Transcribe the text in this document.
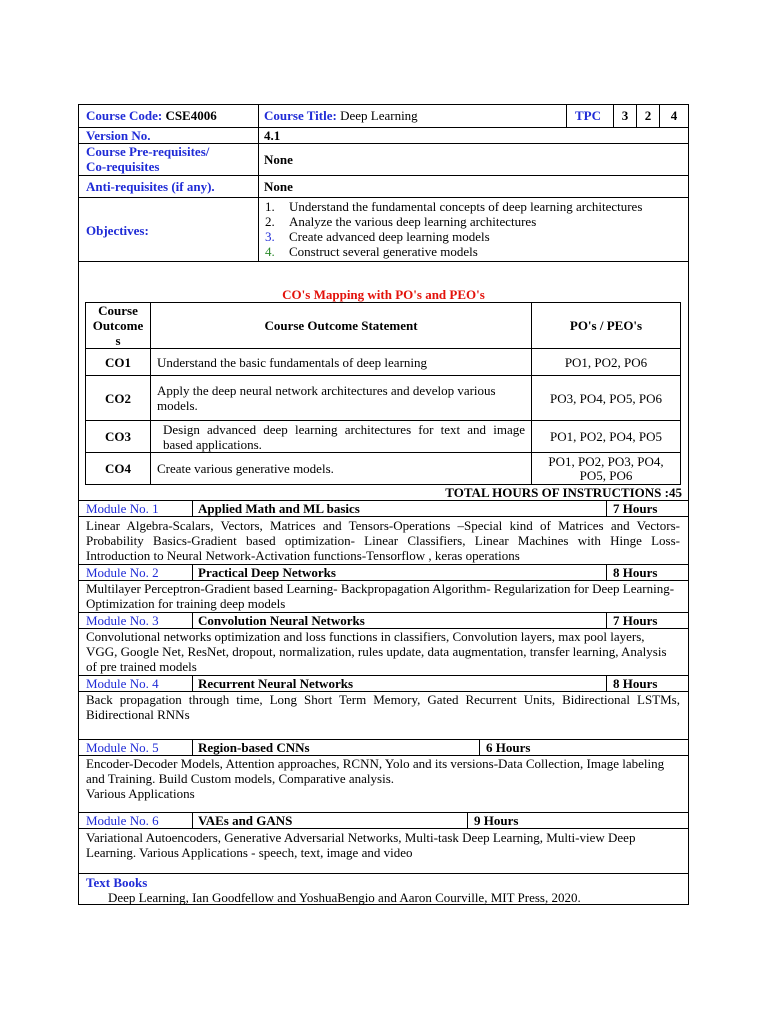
Course Code: CSE4006	Course Title: Deep Learning	TPC	3	2	4
Version No.	4.1
Course Pre-requisites/
Co-requisites	None
Anti-requisites (if any).	None
Objectives:
1. Understand the fundamental concepts of deep learning architectures
2. Analyze the various deep learning architectures
3. Create advanced deep learning models
4. Construct several generative models
CO's Mapping with PO's and PEO's
Course
Outcome
s	Course Outcome Statement	PO's / PEO's
CO1	Understand the basic fundamentals of deep learning	PO1, PO2, PO6
CO2	Apply the deep neural network architectures and develop various models.	PO3, PO4, PO5, PO6
CO3	Design advanced deep learning architectures for text and image based applications.	PO1, PO2, PO4, PO5
CO4	Create various generative models.	PO1, PO2, PO3, PO4, PO5, PO6
TOTAL HOURS OF INSTRUCTIONS :45
Module No. 1	Applied Math and ML basics	7 Hours
Linear Algebra-Scalars, Vectors, Matrices and Tensors-Operations –Special kind of Matrices and Vectors- Probability Basics-Gradient based optimization- Linear Classifiers, Linear Machines with Hinge Loss- Introduction to Neural Network-Activation functions-Tensorflow , keras operations
Module No. 2	Practical Deep Networks	8 Hours
Multilayer Perceptron-Gradient based Learning- Backpropagation Algorithm- Regularization for Deep Learning- Optimization for training deep models
Module No. 3	Convolution Neural Networks	7 Hours
Convolutional networks optimization and loss functions in classifiers, Convolution layers, max pool layers, VGG, Google Net, ResNet, dropout, normalization, rules update, data augmentation, transfer learning, Analysis of pre trained models
Module No. 4	Recurrent Neural Networks	8 Hours
Back propagation through time, Long Short Term Memory, Gated Recurrent Units, Bidirectional LSTMs, Bidirectional RNNs
Module No. 5	Region-based CNNs	6 Hours
Encoder-Decoder Models, Attention approaches, RCNN, Yolo and its versions-Data Collection, Image labeling and Training. Build Custom models, Comparative analysis.
Various Applications
Module No. 6	VAEs and GANS	9 Hours
Variational Autoencoders, Generative Adversarial Networks, Multi-task Deep Learning, Multi-view Deep Learning. Various Applications - speech, text, image and video
Text Books
Deep Learning, Ian Goodfellow and YoshuaBengio and Aaron Courville, MIT Press, 2020.
